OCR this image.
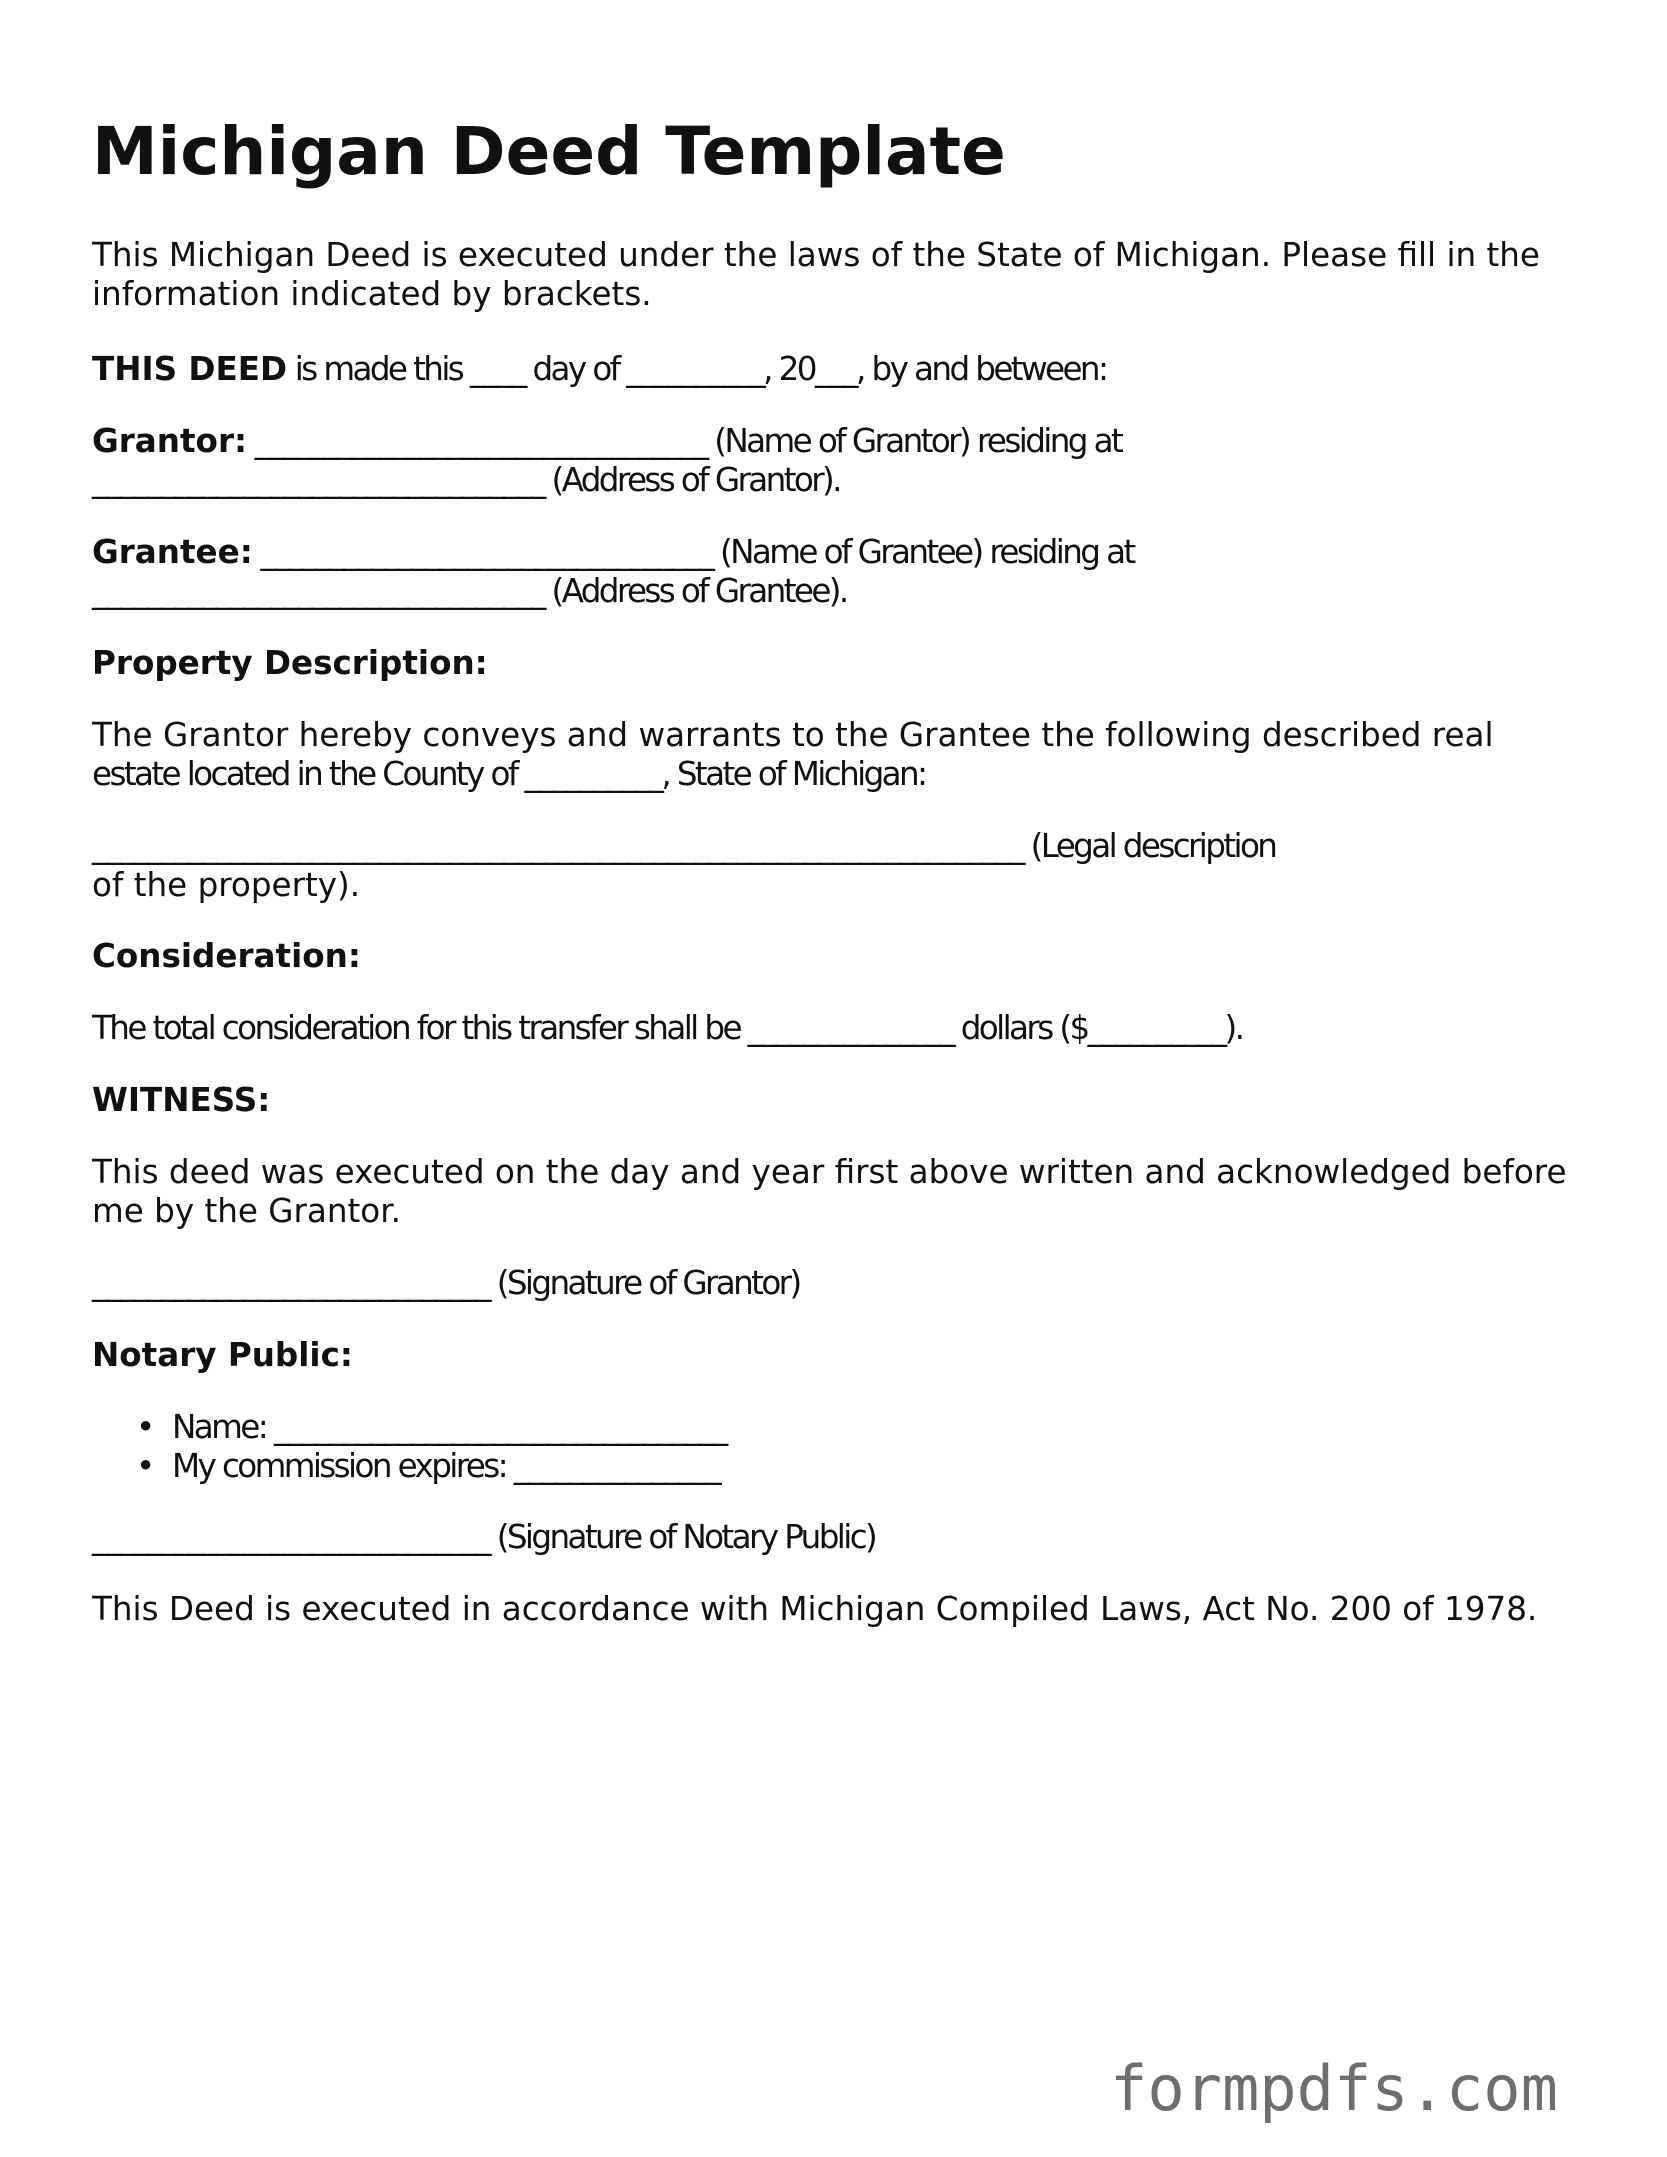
Michigan Deed Template
This Michigan Deed is executed under the laws of the State of Michigan. Please fill in the
information indicated by brackets.
THIS DEED is made this ____ day of __________, 20___, by and between:
Grantor: _________________________________ (Name of Grantor) residing at
_________________________________ (Address of Grantor).
Grantee: _________________________________ (Name of Grantee) residing at
_________________________________ (Address of Grantee).
Property Description:
The Grantor hereby conveys and warrants to the Grantee the following described real
estate located in the County of __________, State of Michigan:
____________________________________________________________________ (Legal description
of the property).
Consideration:
The total consideration for this transfer shall be _______________ dollars ($__________).
WITNESS:
This deed was executed on the day and year first above written and acknowledged before
me by the Grantor.
_____________________________ (Signature of Grantor)
Notary Public:
• Name: _________________________________
• My commission expires: _______________
_____________________________ (Signature of Notary Public)
This Deed is executed in accordance with Michigan Compiled Laws, Act No. 200 of 1978.
formpdfs.com
